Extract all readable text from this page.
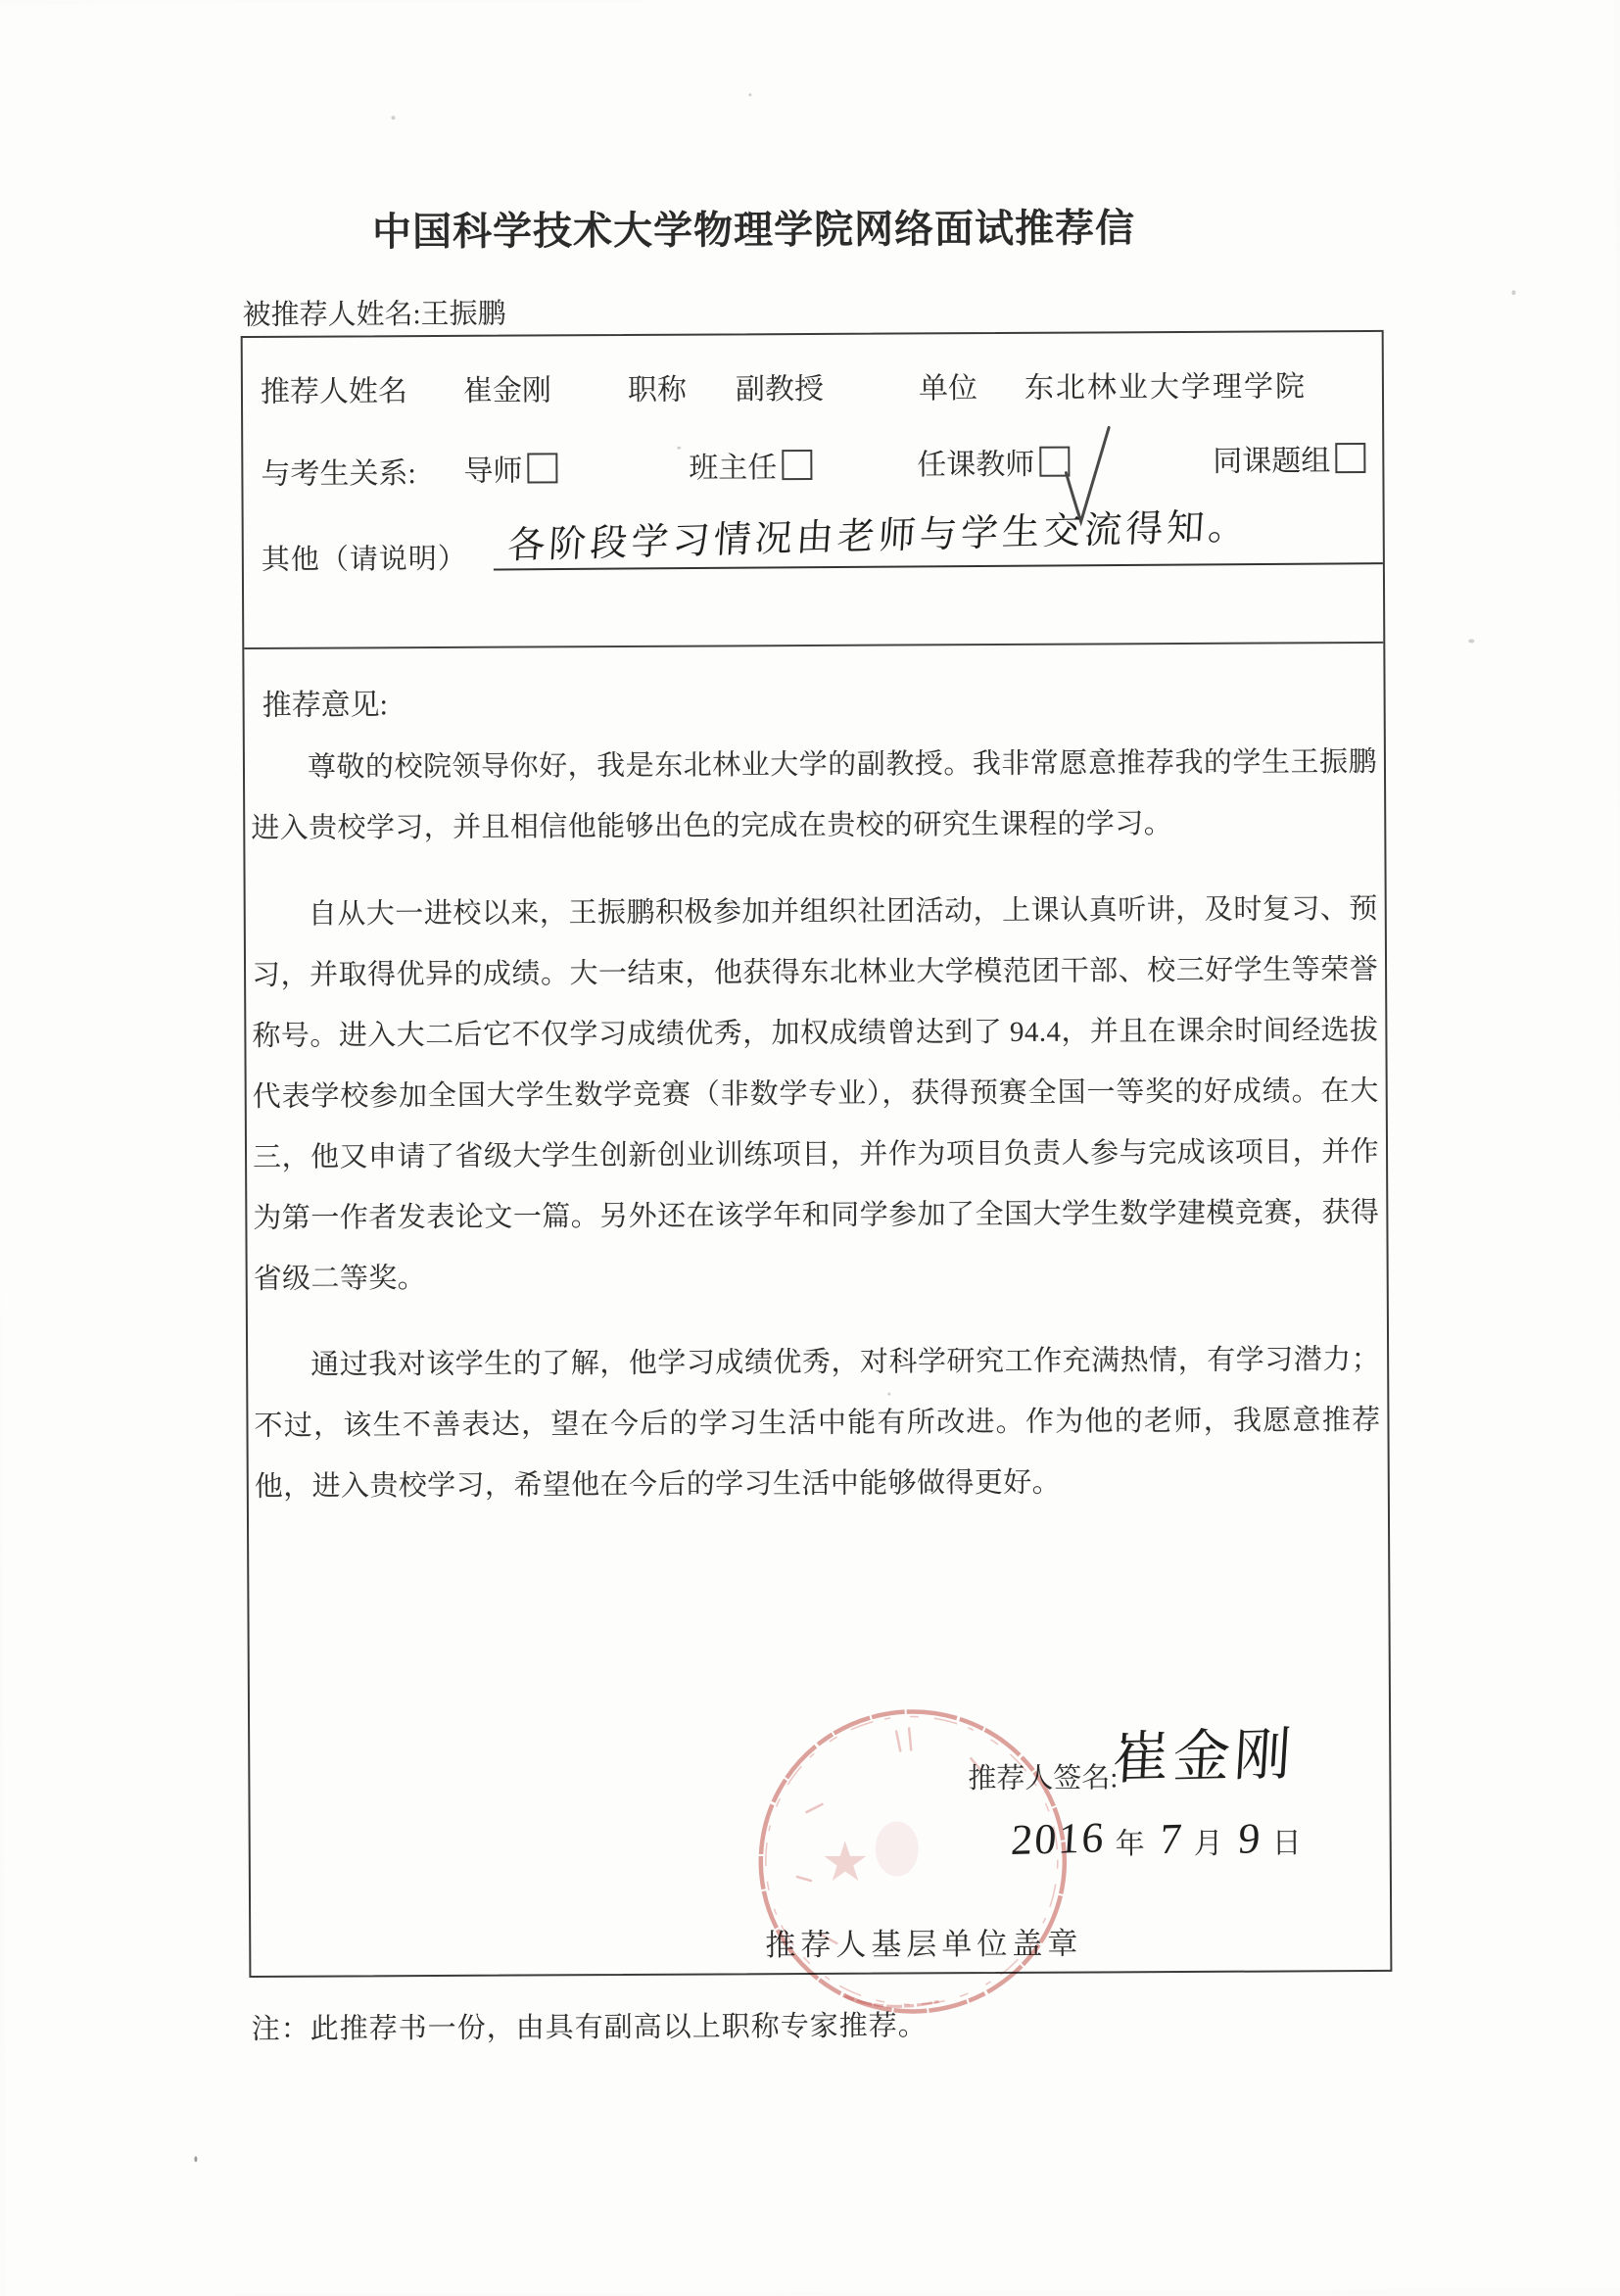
中国科学技术大学物理学院网络面试推荐信
被推荐人姓名:王振鹏
推荐人姓名 崔金刚	职称 副教授	单位 东北林业大学理学院
与考生关系: 导师	班主任	任课教师	同课题组
其他（请说明） 各阶段学习情况由老师与学生交流得知。
推荐意见:

尊敬的校院领导你好，我是东北林业大学的副教授。我非常愿意推荐我的学生王振鹏进入贵校学习，并且相信他能够出色的完成在贵校的研究生课程的学习。

自从大一进校以来，王振鹏积极参加并组织社团活动，上课认真听讲，及时复习、预习，并取得优异的成绩。大一结束，他获得东北林业大学模范团干部、校三好学生等荣誉称号。进入大二后它不仅学习成绩优秀，加权成绩曾达到了 94.4，并且在课余时间经选拔代表学校参加全国大学生数学竞赛（非数学专业），获得预赛全国一等奖的好成绩。在大三，他又申请了省级大学生创新创业训练项目，并作为项目负责人参与完成该项目，并作为第一作者发表论文一篇。另外还在该学年和同学参加了全国大学生数学建模竞赛，获得省级二等奖。

通过我对该学生的了解，他学习成绩优秀，对科学研究工作充满热情，有学习潜力；不过，该生不善表达，望在今后的学习生活中能有所改进。作为他的老师，我愿意推荐他，进入贵校学习，希望他在今后的学习生活中能够做得更好。

推荐人签名:
崔金刚
2016 年 7 月 9 日
推荐人基层单位盖章
★
注：此推荐书一份，由具有副高以上职称专家推荐。
